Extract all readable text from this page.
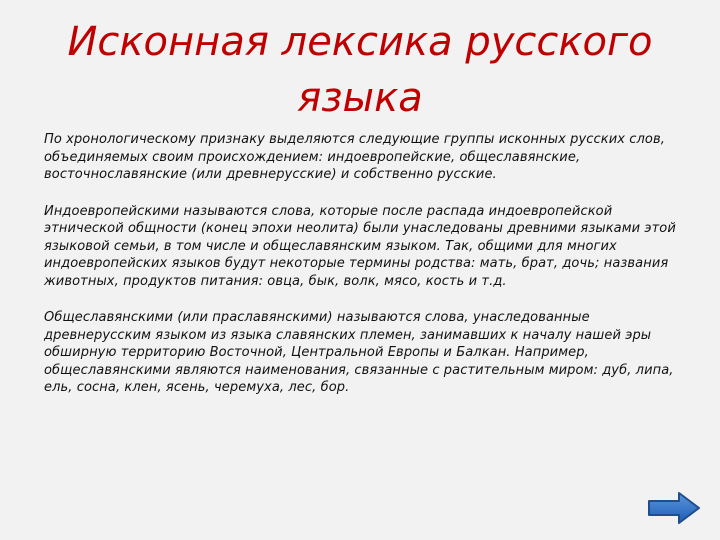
Исконная лексика русского языка

По хронологическому признаку выделяются следующие группы исконных русских слов, объединяемых своим происхождением: индоевропейские, общеславянские, восточнославянские (или древнерусские) и собственно русские.

Индоевропейскими называются слова, которые после распада индоевропейской этнической общности (конец эпохи неолита) были унаследованы древними языками этой языковой семьи, в том числе и общеславянским языком. Так, общими для многих индоевропейских языков будут некоторые термины родства: мать, брат, дочь; названия животных, продуктов питания: овца, бык, волк, мясо, кость и т.д.

Общеславянскими (или праславянскими) называются слова, унаследованные древнерусским языком из языка славянских племен, занимавших к началу нашей эры обширную территорию Восточной, Центральной Европы и Балкан. Например, общеславянскими являются наименования, связанные с растительным миром: дуб, липа, ель, сосна, клен, ясень, черемуха, лес, бор.
